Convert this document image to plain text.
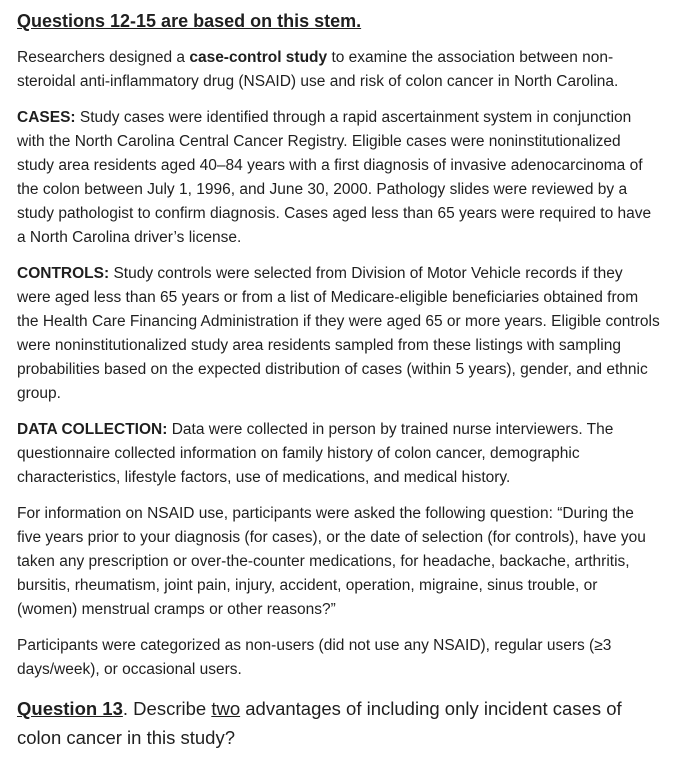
Questions 12-15 are based on this stem.

Researchers designed a case-control study to examine the association between non-steroidal anti-inflammatory drug (NSAID) use and risk of colon cancer in North Carolina.

CASES: Study cases were identified through a rapid ascertainment system in conjunction with the North Carolina Central Cancer Registry. Eligible cases were noninstitutionalized study area residents aged 40–84 years with a first diagnosis of invasive adenocarcinoma of the colon between July 1, 1996, and June 30, 2000. Pathology slides were reviewed by a study pathologist to confirm diagnosis. Cases aged less than 65 years were required to have a North Carolina driver’s license.

CONTROLS: Study controls were selected from Division of Motor Vehicle records if they were aged less than 65 years or from a list of Medicare-eligible beneficiaries obtained from the Health Care Financing Administration if they were aged 65 or more years. Eligible controls were noninstitutionalized study area residents sampled from these listings with sampling probabilities based on the expected distribution of cases (within 5 years), gender, and ethnic group.

DATA COLLECTION: Data were collected in person by trained nurse interviewers. The questionnaire collected information on family history of colon cancer, demographic characteristics, lifestyle factors, use of medications, and medical history.

For information on NSAID use, participants were asked the following question: “During the five years prior to your diagnosis (for cases), or the date of selection (for controls), have you taken any prescription or over-the-counter medications, for headache, backache, arthritis, bursitis, rheumatism, joint pain, injury, accident, operation, migraine, sinus trouble, or (women) menstrual cramps or other reasons?”

Participants were categorized as non-users (did not use any NSAID), regular users (≥3 days/week), or occasional users.

Question 13. Describe two advantages of including only incident cases of colon cancer in this study?
